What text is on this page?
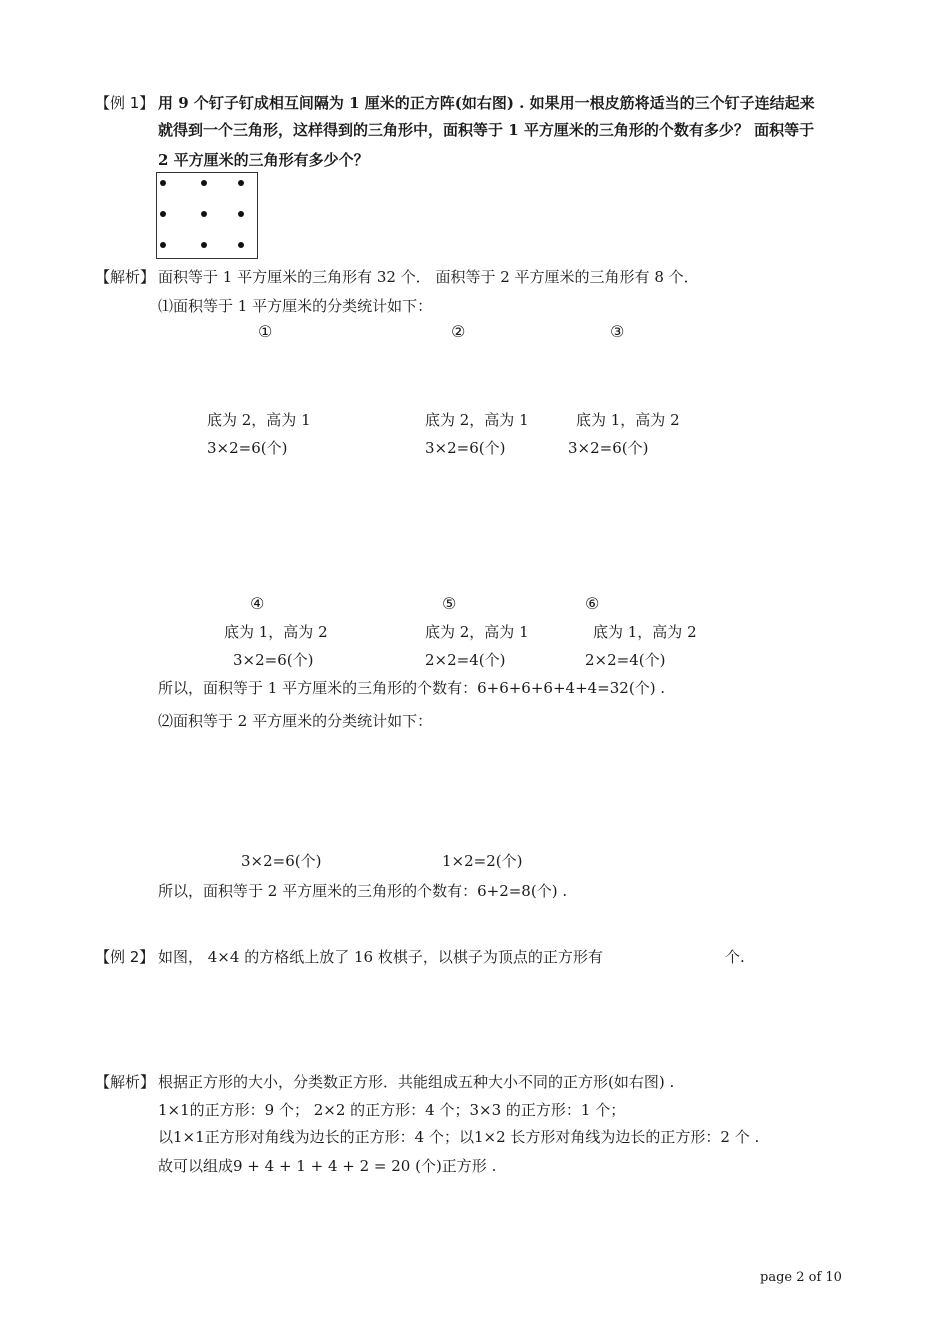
【例 1】 用 9 个钉子钉成相互间隔为 1 厘米的正方阵(如右图) . 如果用一根皮筋将适当的三个钉子连结起来
就得到一个三角形，这样得到的三角形中，面积等于 1 平方厘米的三角形的个数有多少？ 面积等于
2 平方厘米的三角形有多少个？
【解析】 面积等于 1 平方厘米的三角形有 32 个． 面积等于 2 平方厘米的三角形有 8 个．
⑴面积等于 1 平方厘米的分类统计如下：
①	②	③
底为 2，高为 1	底为 2，高为 1	底为 1，高为 2
3×2=6(个)	3×2=6(个)	3×2=6(个)
④	⑤	⑥
底为 1，高为 2	底为 2，高为 1	底为 1，高为 2
3×2=6(个)	2×2=4(个)	2×2=4(个)
所以，面积等于 1 平方厘米的三角形的个数有：6+6+6+6+4+4=32(个) .
⑵面积等于 2 平方厘米的分类统计如下：
3×2=6(个)	1×2=2(个)
所以，面积等于 2 平方厘米的三角形的个数有：6+2=8(个) .
【例 2】 如图， 4×4 的方格纸上放了 16 枚棋子，以棋子为顶点的正方形有	个.
【解析】 根据正方形的大小，分类数正方形．共能组成五种大小不同的正方形(如右图) .
1×1的正方形：9 个； 2×2 的正方形：4 个；3×3 的正方形：1 个；
以1×1正方形对角线为边长的正方形：4 个；以1×2 长方形对角线为边长的正方形：2 个 .
故可以组成9 + 4 + 1 + 4 + 2 = 20 (个)正方形 .
page 2 of 10
